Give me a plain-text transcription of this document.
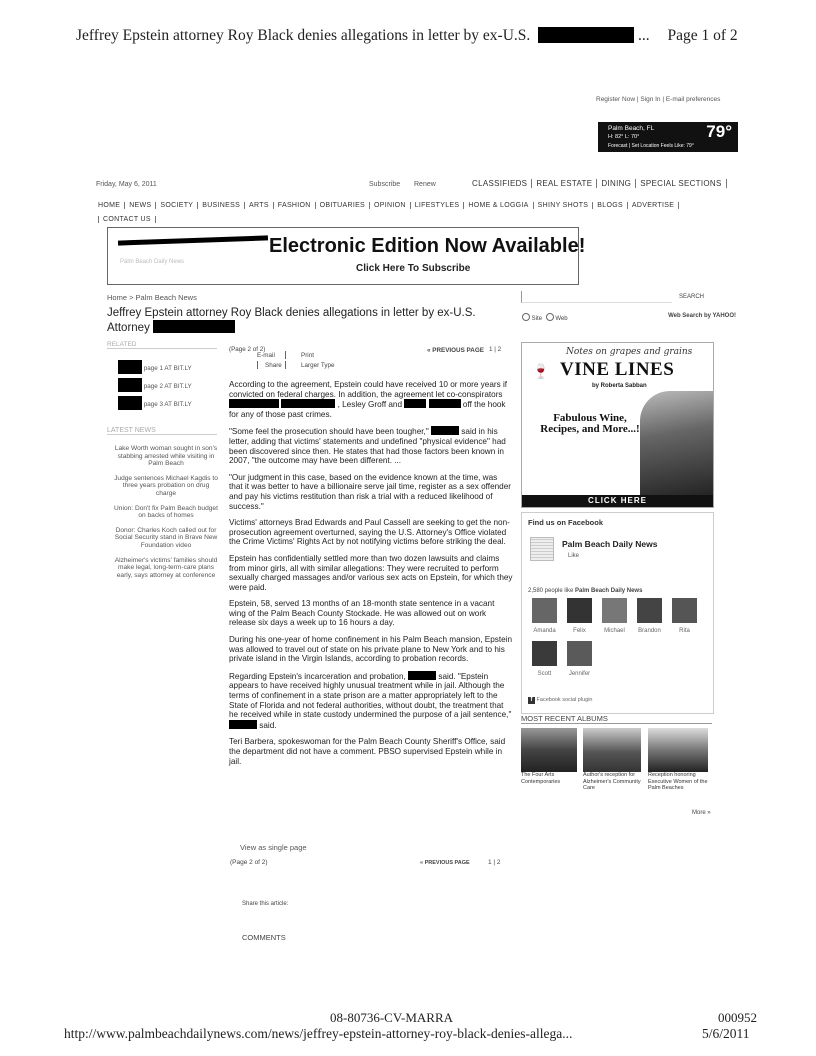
Jeffrey Epstein attorney Roy Black denies allegations in letter by ex-U.S.	... Page 1 of 2
Register Now | Sign In | E-mail preferences
Palm Beach, FL	79°
H: 82° L: 70°
Forecast | Set Location Feels Like: 79°
Friday, May 6, 2011	Subscribe Renew	CLASSIFIEDS REAL ESTATE DINING SPECIAL SECTIONS
HOME NEWS SOCIETY BUSINESS ARTS FASHION OBITUARIES OPINION LIFESTYLES HOME & LOGGIA SHINY SHOTS BLOGS ADVERTISE
CONTACT US
Palm Beach Daily News
Electronic Edition Now Available!
Click Here To Subscribe
Home > Palm Beach News	SEARCH
Site Web	Web Search by YAHOO!
Jeffrey Epstein attorney Roy Black denies allegations in letter by ex-U.S.
Attorney
RELATED
page 1 AT BIT.LY
page 2 AT BIT.LY
page 3 AT BIT.LY
LATEST NEWS

Lake Worth woman sought in son's stabbing arrested while visiting in Palm Beach

Judge sentences Michael Kagdis to three years probation on drug charge

Union: Don't fix Palm Beach budget on backs of homes

Donor: Charles Koch called out for Social Security stand in Brave New Foundation video

Alzheimer's victims' families should make legal, long-term-care plans early, says attorney at conference

(Page 2 of 2)
E-mail	Print
Share	Larger Type
« PREVIOUS PAGE 1 | 2

According to the agreement, Epstein could have received 10 or more years if convicted on federal charges. In addition, the agreement let co-conspirators   , Lesley Groff and	off the hook for any of those past crimes.

"Some feel the prosecution should have been tougher,"	said in his letter, adding that victims' statements and undefined "physical evidence" had been discovered since then. He states that had those factors been known in 2007, "the outcome may have been different. ...

"Our judgment in this case, based on the evidence known at the time, was that it was better to have a billionaire serve jail time, register as a sex offender and pay his victims restitution than risk a trial with a reduced likelihood of success."

Victims' attorneys Brad Edwards and Paul Cassell are seeking to get the non-prosecution agreement overturned, saying the U.S. Attorney's Office violated the Crime Victims' Rights Act by not notifying victims before striking the deal.

Epstein has confidentially settled more than two dozen lawsuits and claims from minor girls, all with similar allegations: They were recruited to perform sexually charged massages and/or various sex acts on Epstein, for which they were paid.

Epstein, 58, served 13 months of an 18-month state sentence in a vacant wing of the Palm Beach County Stockade. He was allowed out on work release six days a week up to 16 hours a day.

During his one-year of home confinement in his Palm Beach mansion, Epstein was allowed to travel out of state on his private plane to New York and to his private island in the Virgin Islands, according to probation records.

Regarding Epstein's incarceration and probation,	said. "Epstein appears to have received highly unusual treatment while in jail. Although the terms of confinement in a state prison are a matter appropriately left to the State of Florida and not federal authorities, without doubt, the treatment that he received while in state custody undermined the purpose of a jail sentence,"  said.

Teri Barbera, spokeswoman for the Palm Beach County Sheriff's Office, said the department did not have a comment. PBSO supervised Epstein while in jail.

View as single page
(Page 2 of 2)	« PREVIOUS PAGE	1 | 2
Share this article:
COMMENTS
Notes on grapes and grains
🍷 VINE LINES
by Roberta Sabban
Fabulous Wine, Recipes, and More...!
CLICK HERE
Find us on Facebook
Palm Beach Daily News
Like
2,580 people like Palm Beach Daily News
Amanda	Felix	Michael	Brandon	Rita
Scott	Jennifer
f Facebook social plugin
MOST RECENT ALBUMS
The Four Arts Contemporaries
Author's reception for Alzheimer's Community Care
Reception honoring Executive Women of the Palm Beaches
More »
08-80736-CV-MARRA	000952
http://www.palmbeachdailynews.com/news/jeffrey-epstein-attorney-roy-black-denies-allega...	5/6/2011
